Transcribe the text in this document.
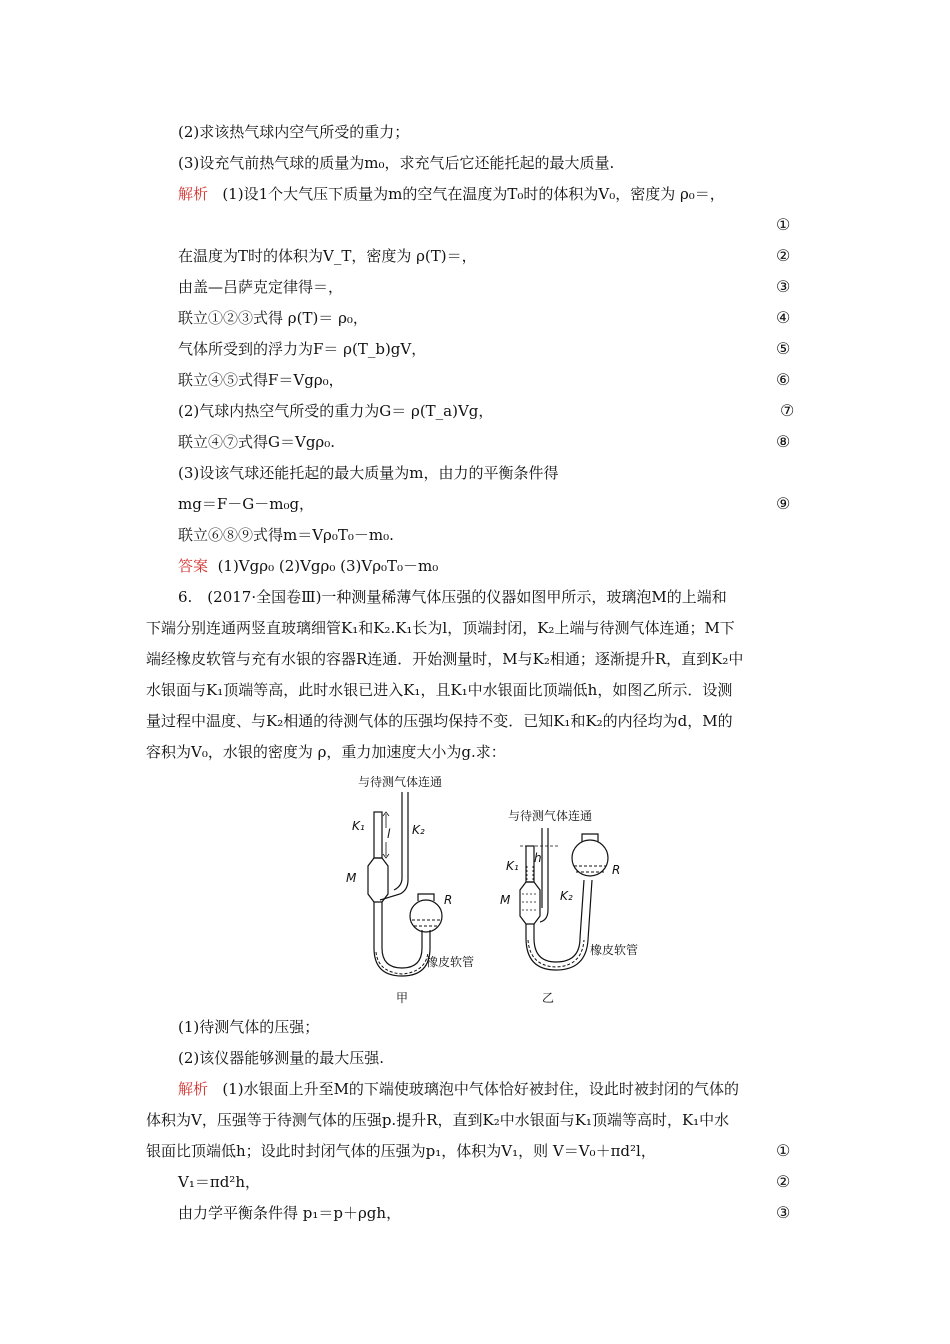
(2)求该热气球内空气所受的重力；
(3)设充气前热气球的质量为m₀，求充气后它还能托起的最大质量.
解析 (1)设1个大气压下质量为m的空气在温度为T₀时的体积为V₀，密度为 ρ₀＝，
①
在温度为T时的体积为V_T，密度为 ρ(T)＝，	②
由盖—吕萨克定律得＝，	③
联立①②③式得 ρ(T)＝ ρ₀，	④
气体所受到的浮力为F＝ ρ(T_b)gV，	⑤
联立④⑤式得F＝Vgρ₀，	⑥
(2)气球内热空气所受的重力为G＝ ρ(T_a)Vg，	⑦
联立④⑦式得G＝Vgρ₀.	⑧
(3)设该气球还能托起的最大质量为m，由力的平衡条件得
mg＝F－G－m₀g，	⑨
联立⑥⑧⑨式得m＝Vρ₀T₀－m₀.
答案 (1)Vgρ₀ (2)Vgρ₀ (3)Vρ₀T₀－m₀
6.　(2017·全国卷Ⅲ)一种测量稀薄气体压强的仪器如图甲所示，玻璃泡M的上端和
下端分别连通两竖直玻璃细管K₁和K₂.K₁长为l，顶端封闭，K₂上端与待测气体连通；M下
端经橡皮软管与充有水银的容器R连通．开始测量时，M与K₂相通；逐渐提升R，直到K₂中
水银面与K₁顶端等高，此时水银已进入K₁，且K₁中水银面比顶端低h，如图乙所示．设测
量过程中温度、与K₂相通的待测气体的压强均保持不变．已知K₁和K₂的内径均为d，M的
容积为V₀，水银的密度为 ρ，重力加速度大小为g.求：
与待测气体连通
l
K₁	K₂
M
R
橡皮软管
甲
与待测气体连通
h
K₁
K₂
M
R
橡皮软管
乙
(1)待测气体的压强；
(2)该仪器能够测量的最大压强.
解析 (1)水银面上升至M的下端使玻璃泡中气体恰好被封住，设此时被封闭的气体的
体积为V，压强等于待测气体的压强p.提升R，直到K₂中水银面与K₁顶端等高时，K₁中水
银面比顶端低h；设此时封闭气体的压强为p₁，体积为V₁，则 V＝V₀＋πd²l，	①
V₁＝πd²h，	②
由力学平衡条件得 p₁＝p＋ρgh，	③
